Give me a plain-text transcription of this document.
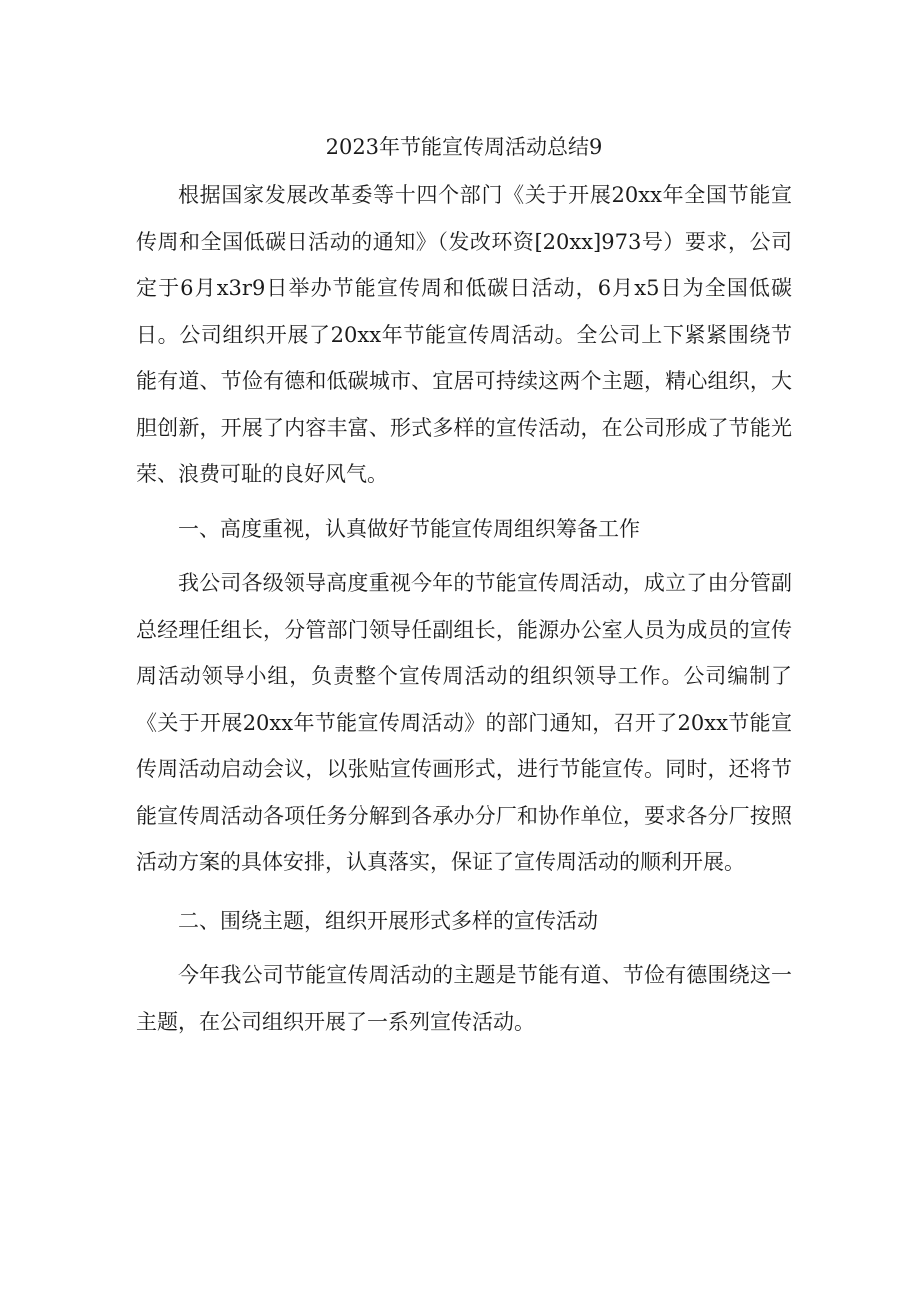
2023年节能宣传周活动总结9

根据国家发展改革委等十四个部门《关于开展20xx年全国节能宣传周和全国低碳日活动的通知》（发改环资[20xx]973号）要求，公司定于6月x3r9日举办节能宣传周和低碳日活动，6月x5日为全国低碳日。公司组织开展了20xx年节能宣传周活动。全公司上下紧紧围绕节能有道、节俭有德和低碳城市、宜居可持续这两个主题，精心组织，大胆创新，开展了内容丰富、形式多样的宣传活动，在公司形成了节能光荣、浪费可耻的良好风气。

一、高度重视，认真做好节能宣传周组织筹备工作

我公司各级领导高度重视今年的节能宣传周活动，成立了由分管副总经理任组长，分管部门领导任副组长，能源办公室人员为成员的宣传周活动领导小组，负责整个宣传周活动的组织领导工作。公司编制了《关于开展20xx年节能宣传周活动》的部门通知，召开了20xx节能宣传周活动启动会议，以张贴宣传画形式，进行节能宣传。同时，还将节能宣传周活动各项任务分解到各承办分厂和协作单位，要求各分厂按照活动方案的具体安排，认真落实，保证了宣传周活动的顺利开展。

二、围绕主题，组织开展形式多样的宣传活动

今年我公司节能宣传周活动的主题是节能有道、节俭有德围绕这一主题，在公司组织开展了一系列宣传活动。
